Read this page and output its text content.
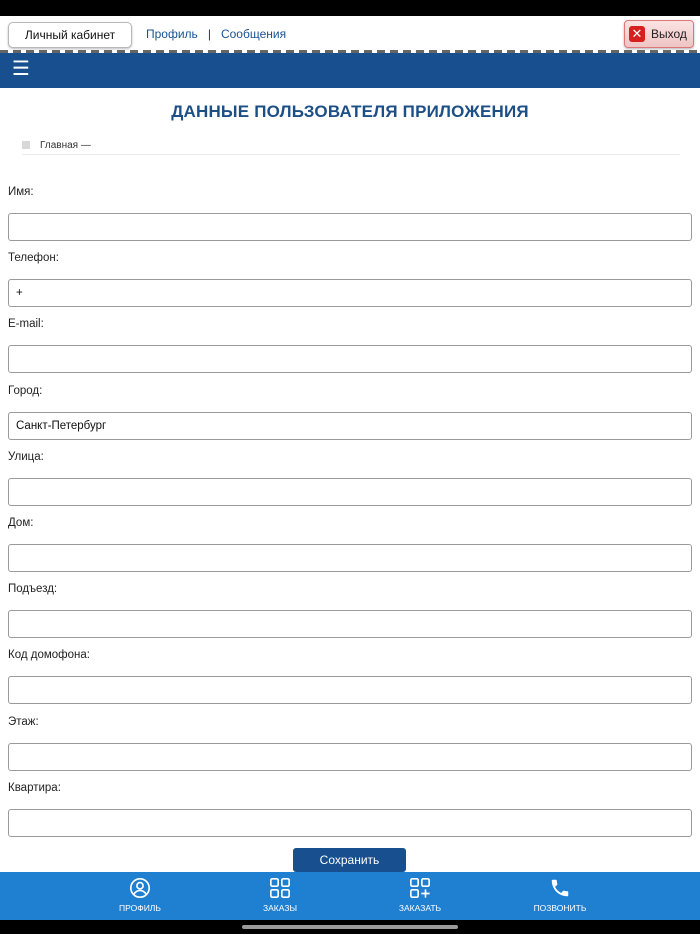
Личный кабинет	Профиль | Сообщения	✕ Выход
☰
ДАННЫЕ ПОЛЬЗОВАТЕЛЯ ПРИЛОЖЕНИЯ
Главная —
Имя:
Телефон:
+
E-mail:
Город:
Санкт-Петербург
Улица:
Дом:
Подъезд:
Код домофона:
Этаж:
Квартира:
Сохранить
ПРОФИЛЬ	ЗАКАЗЫ	ЗАКАЗАТЬ	ПОЗВОНИТЬ
